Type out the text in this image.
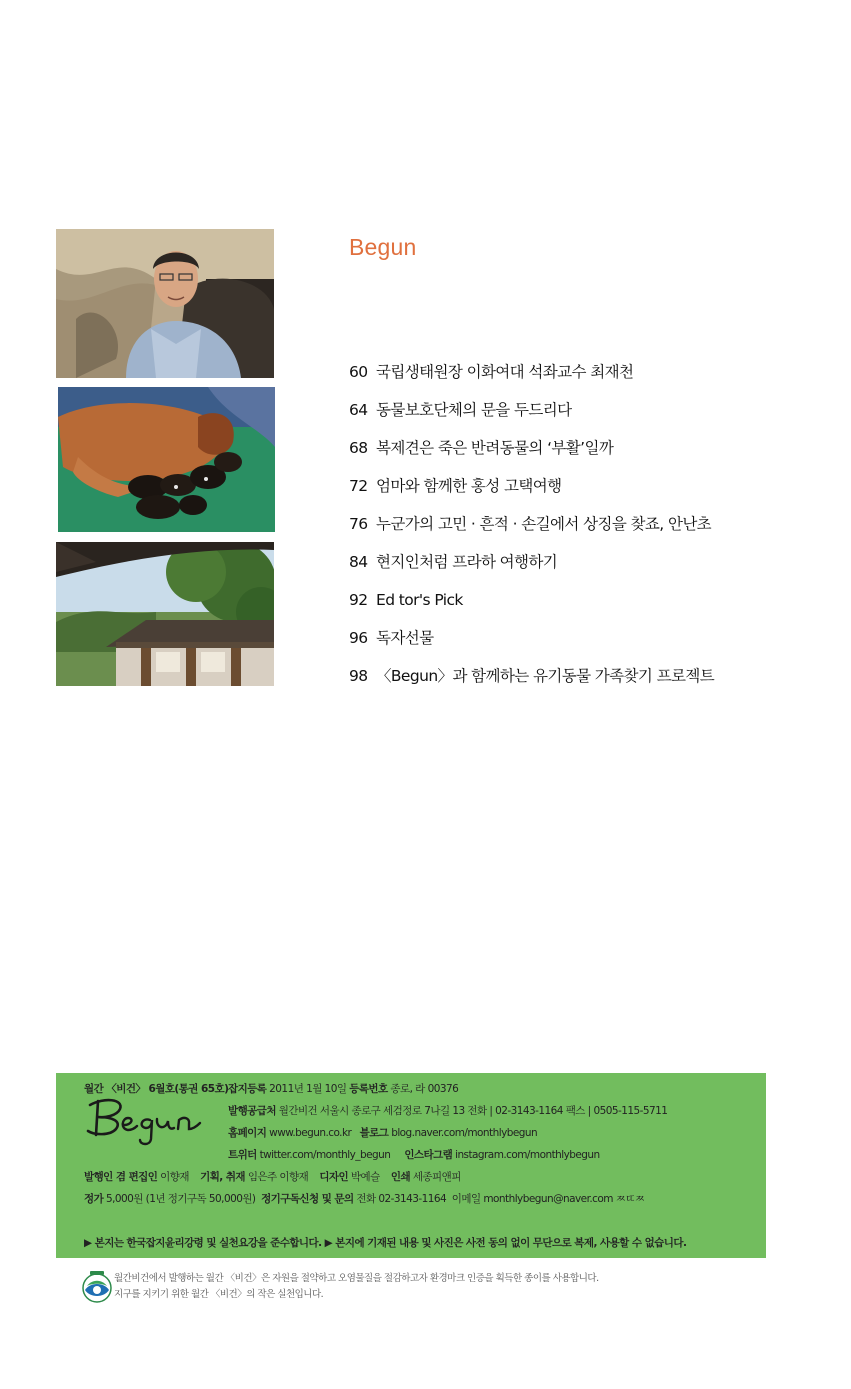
Begun
60 국립생태원장 이화여대 석좌교수 최재천
64 동물보호단체의 문을 두드리다
68 복제견은 죽은 반려동물의 ‘부활’일까
72 엄마와 함께한 홍성 고택여행
76 누군가의 고민 · 흔적 · 손길에서 상징을 찾죠, 안난초
84 현지인처럼 프라하 여행하기
92 Ed tor's Pick
96 독자선물
98 〈Begun〉과 함께하는 유기동물 가족찾기 프로젝트
월간 〈비건〉 6월호(통권 65호) 잡지등록 2011년 1월 10일 등록번호 종로, 라 00376
발행공급처 월간비건 서울시 종로구 세검정로 7나길 13 전화 | 02-3143-1164 팩스 | 0505-115-5711
홈페이지 www.begun.co.kr 블로그 blog.naver.com/monthlybegun
트위터 twitter.com/monthly_begun 인스타그램 instagram.com/monthlybegun
발행인 겸 편집인 이향재 기획, 취재 임은주 이향재 디자인 박예슬 인쇄 세종피앤피
정가 5,000원 (1년 정기구독 50,000원) 정기구독신청 및 문의 전화 02-3143-1164 이메일 monthlybegun@naver.com ㅉㄸㅉ
▶ 본지는 한국잡지윤리강령 및 실천요강을 준수합니다. ▶ 본지에 기재된 내용 및 사진은 사전 동의 없이 무단으로 복제, 사용할 수 없습니다.
월간비건에서 발행하는 월간 〈비건〉은 자원을 절약하고 오염물질을 절감하고자 환경마크 인증을 획득한 종이를 사용합니다.
지구를 지키기 위한 월간 〈비건〉의 작은 실천입니다.
